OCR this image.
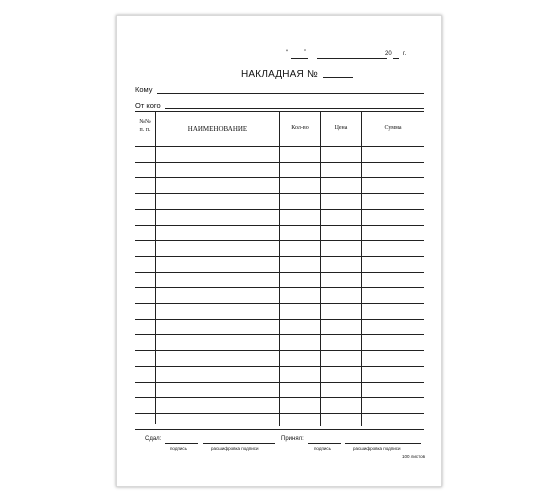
“	”	20 г.
НАКЛАДНАЯ №
Кому
От кого
№№
п. п.	НАИМЕНОВАНИЕ	Кол-во	Цена	Сумма
Сдал:
подпись	расшифровка подписи
Принял:
подпись	расшифровка подписи
100 листов
